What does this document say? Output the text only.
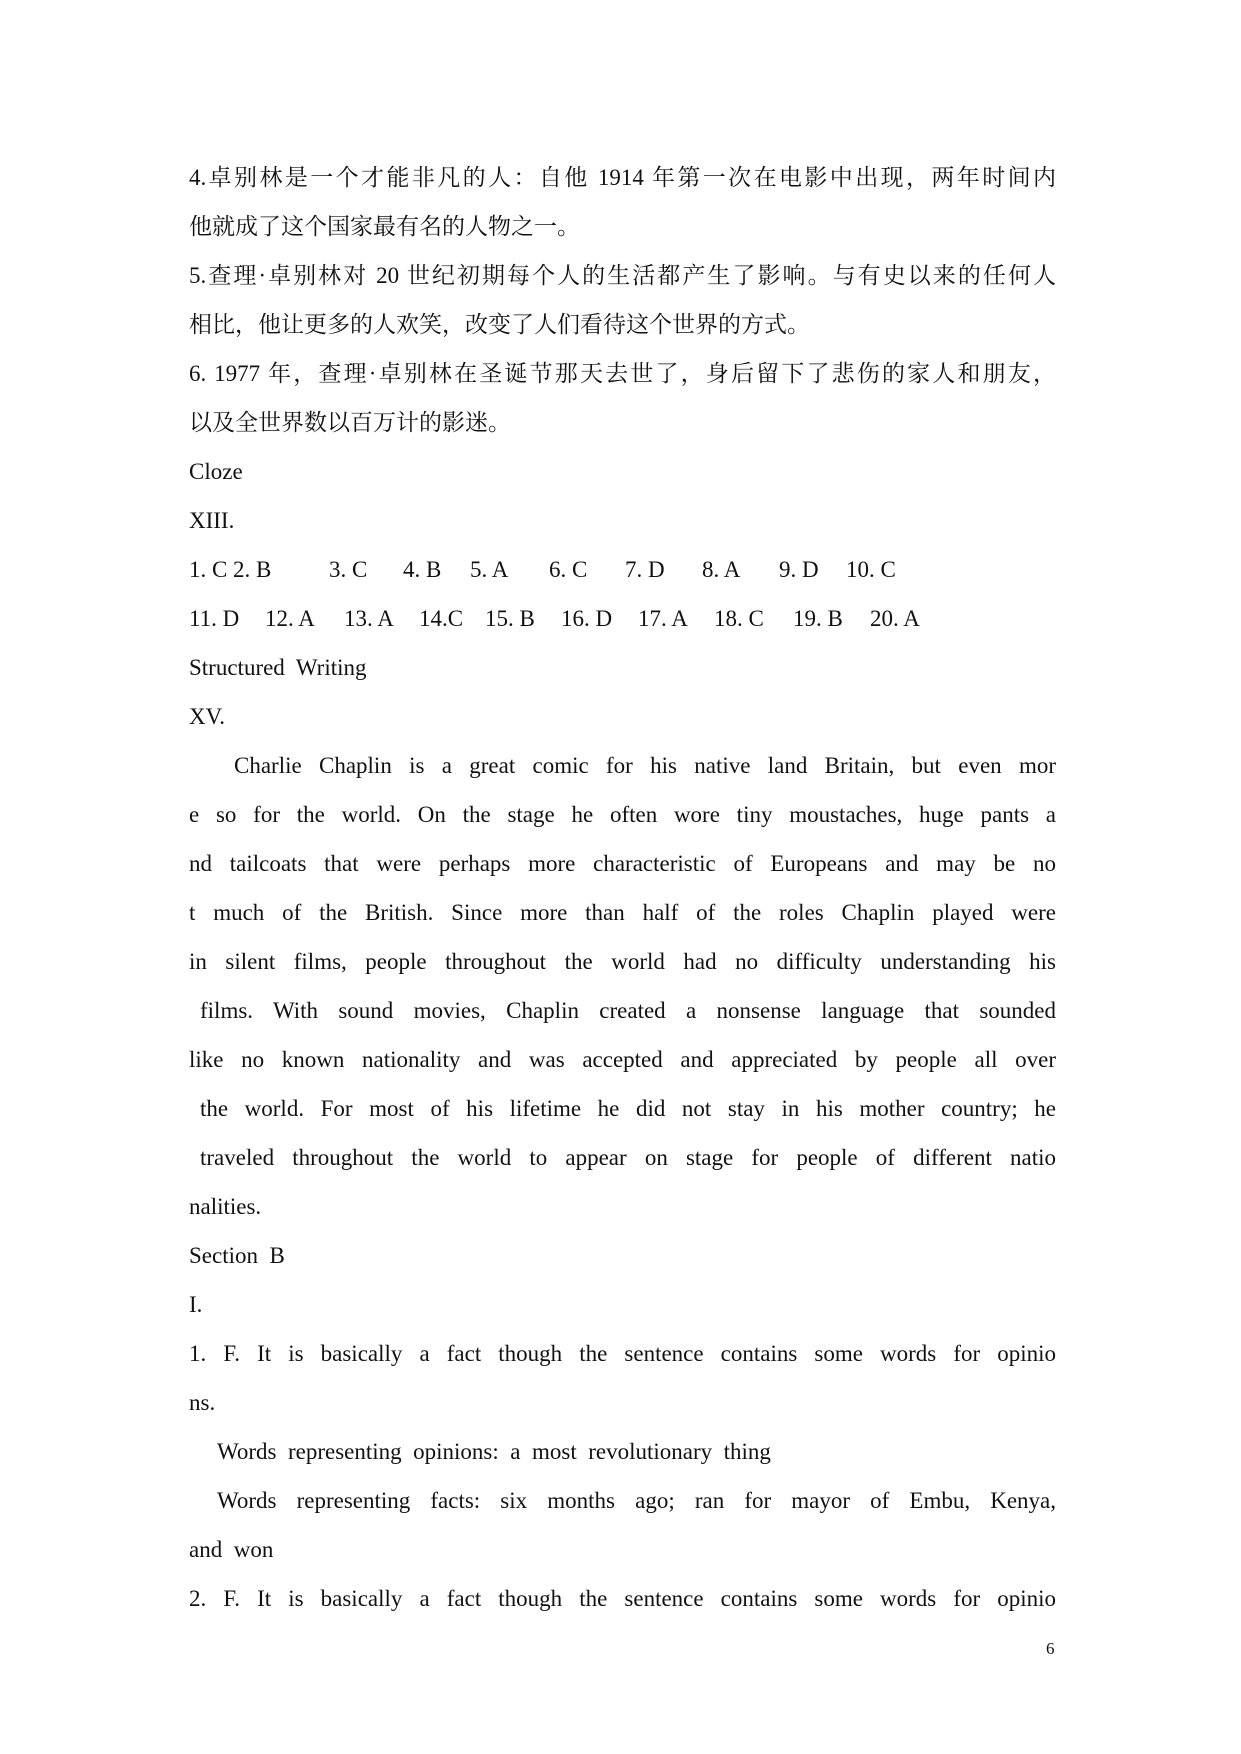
4.卓别林是一个才能非凡的人：自他 1914 年第一次在电影中出现，两年时间内
他就成了这个国家最有名的人物之一。
5.查理·卓别林对 20 世纪初期每个人的生活都产生了影响。与有史以来的任何人
相比，他让更多的人欢笑，改变了人们看待这个世界的方式。
6. 1977 年，查理·卓别林在圣诞节那天去世了，身后留下了悲伤的家人和朋友，
以及全世界数以百万计的影迷。
Cloze
XIII.
1. C 2. B	3. C	4. B	5. A	6. C	7. D	8. A	9. D	10. C
11. D	12. A	13. A	14.C 15. B	16. D	17. A	18. C	19. B	20. A
Structured  Writing
XV.
Charlie Chaplin is a great comic for his native land Britain, but even mor
e so for the world. On the stage he often wore tiny moustaches, huge pants a
nd tailcoats that were perhaps more characteristic of Europeans and may be no
t much of the British. Since more than half of the roles Chaplin played were
in silent films, people throughout the world had no difficulty understanding his
films. With sound movies, Chaplin created a nonsense language that sounded
like no known nationality and was accepted and appreciated by people all over
the world. For most of his lifetime he did not stay in his mother country; he
traveled throughout the world to appear on stage for people of different natio
nalities.
Section  B
I.
1. F. It is basically a fact though the sentence contains some words for opinio
ns.
Words  representing  opinions:  a  most  revolutionary  thing
Words representing facts: six months ago; ran for mayor of Embu, Kenya,
and  won
2. F. It is basically a fact though the sentence contains some words for opinio
6
